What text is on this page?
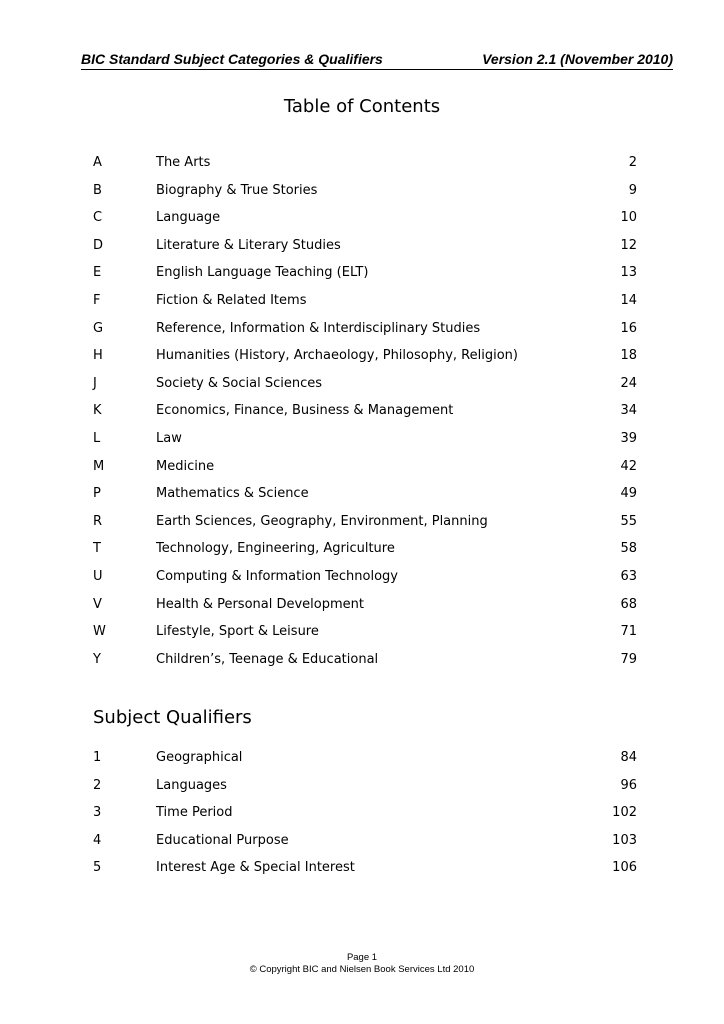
BIC Standard Subject Categories & Qualifiers	Version 2.1 (November 2010)
Table of Contents
A	The Arts	2
B	Biography & True Stories	9
C	Language	10
D	Literature & Literary Studies	12
E	English Language Teaching (ELT)	13
F	Fiction & Related Items	14
G	Reference, Information & Interdisciplinary Studies	16
H	Humanities (History, Archaeology, Philosophy, Religion)	18
J	Society & Social Sciences	24
K	Economics, Finance, Business & Management	34
L	Law	39
M	Medicine	42
P	Mathematics & Science	49
R	Earth Sciences, Geography, Environment, Planning	55
T	Technology, Engineering, Agriculture	58
U	Computing & Information Technology	63
V	Health & Personal Development	68
W	Lifestyle, Sport & Leisure	71
Y	Children’s, Teenage & Educational	79
Subject Qualifiers
1	Geographical	84
2	Languages	96
3	Time Period	102
4	Educational Purpose	103
5	Interest Age & Special Interest	106
Page 1
© Copyright BIC and Nielsen Book Services Ltd 2010
